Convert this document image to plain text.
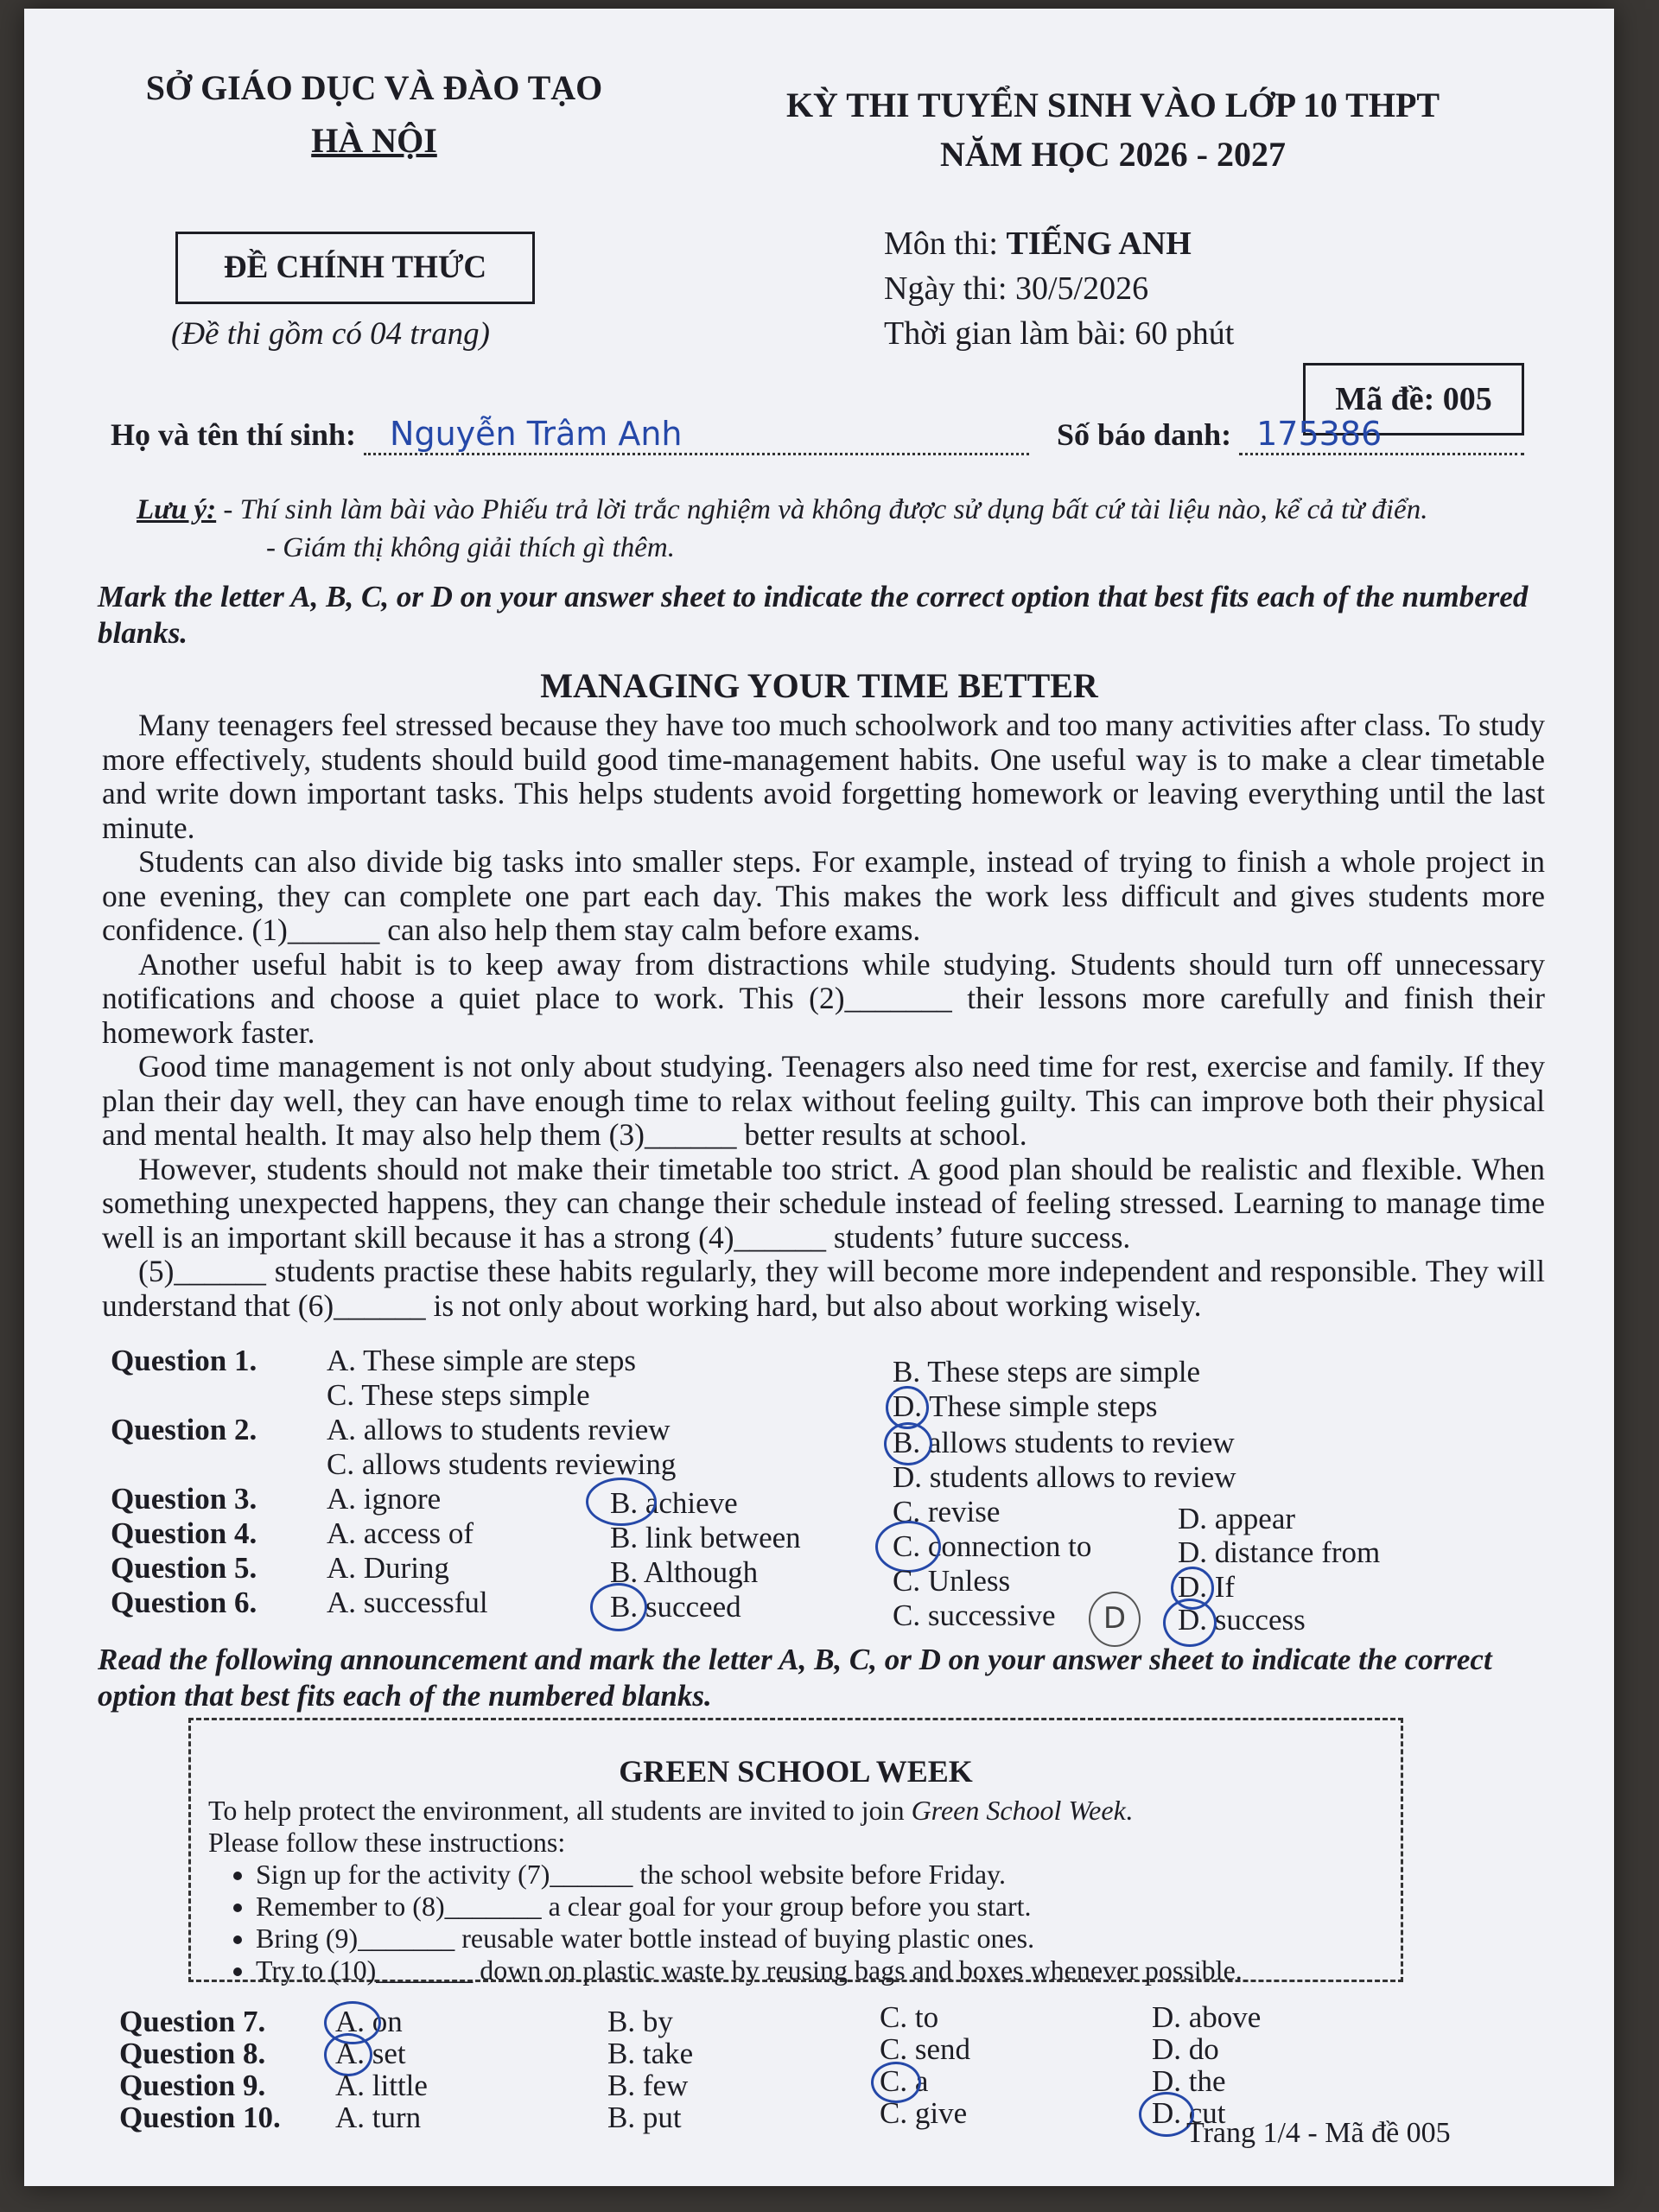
SỞ GIÁO DỤC VÀ ĐÀO TẠO
HÀ NỘI
KỲ THI TUYỂN SINH VÀO LỚP 10 THPT
NĂM HỌC 2026 - 2027
ĐỀ CHÍNH THỨC
(Đề thi gồm có 04 trang)
Môn thi: TIẾNG ANH
Ngày thi: 30/5/2026
Thời gian làm bài: 60 phút
Mã đề: 005
Họ và tên thí sinh: Nguyễn Trâm Anh	Số báo danh: 175386
Lưu ý: - Thí sinh làm bài vào Phiếu trả lời trắc nghiệm và không được sử dụng bất cứ tài liệu nào, kể cả từ điển.
- Giám thị không giải thích gì thêm.
Mark the letter A, B, C, or D on your answer sheet to indicate the correct option that best fits each of the numbered blanks.
MANAGING YOUR TIME BETTER

Many teenagers feel stressed because they have too much schoolwork and too many activities after class. To study more effectively, students should build good time-management habits. One useful way is to make a clear timetable and write down important tasks. This helps students avoid forgetting homework or leaving everything until the last minute.

Students can also divide big tasks into smaller steps. For example, instead of trying to finish a whole project in one evening, they can complete one part each day. This makes the work less difficult and gives students more confidence. (1)______ can also help them stay calm before exams.

Another useful habit is to keep away from distractions while studying. Students should turn off unnecessary notifications and choose a quiet place to work. This (2)_______ their lessons more carefully and finish their homework faster.

Good time management is not only about studying. Teenagers also need time for rest, exercise and family. If they plan their day well, they can have enough time to relax without feeling guilty. This can improve both their physical and mental health. It may also help them (3)______ better results at school.

However, students should not make their timetable too strict. A good plan should be realistic and flexible. When something unexpected happens, they can change their schedule instead of feeling stressed. Learning to manage time well is an important skill because it has a strong (4)______ students’ future success.

(5)______ students practise these habits regularly, they will become more independent and responsible. They will understand that (6)______ is not only about working hard, but also about working wisely.

Question 1. A. These simple are steps	B. These steps are simple
C. These steps simple	D. These simple steps
Question 2. A. allows to students review	B. allows students to review
C. allows students reviewing	D. students allows to review
Question 3. A. ignore	B. achieve	C. revise	D. appear
Question 4. A. access of	B. link between	C. connection to	D. distance from
Question 5. A. During	B. Although	C. Unless	D. If
Question 6. A. successful	B. succeed	C. successive	D. success
D
Read the following announcement and mark the letter A, B, C, or D on your answer sheet to indicate the correct option that best fits each of the numbered blanks.
GREEN SCHOOL WEEK
To help protect the environment, all students are invited to join Green School Week.
Please follow these instructions:
• Sign up for the activity (7)______ the school website before Friday.
• Remember to (8)_______ a clear goal for your group before you start.
• Bring (9)_______ reusable water bottle instead of buying plastic ones.
• Try to (10)_______ down on plastic waste by reusing bags and boxes whenever possible.
Question 7. A. on	B. by	C. to	D. above
Question 8. A. set	B. take	C. send	D. do
Question 9. A. little	B. few	C. a	D. the
Question 10. A. turn	B. put	C. give	D. cut
Trang 1/4 - Mã đề 005
